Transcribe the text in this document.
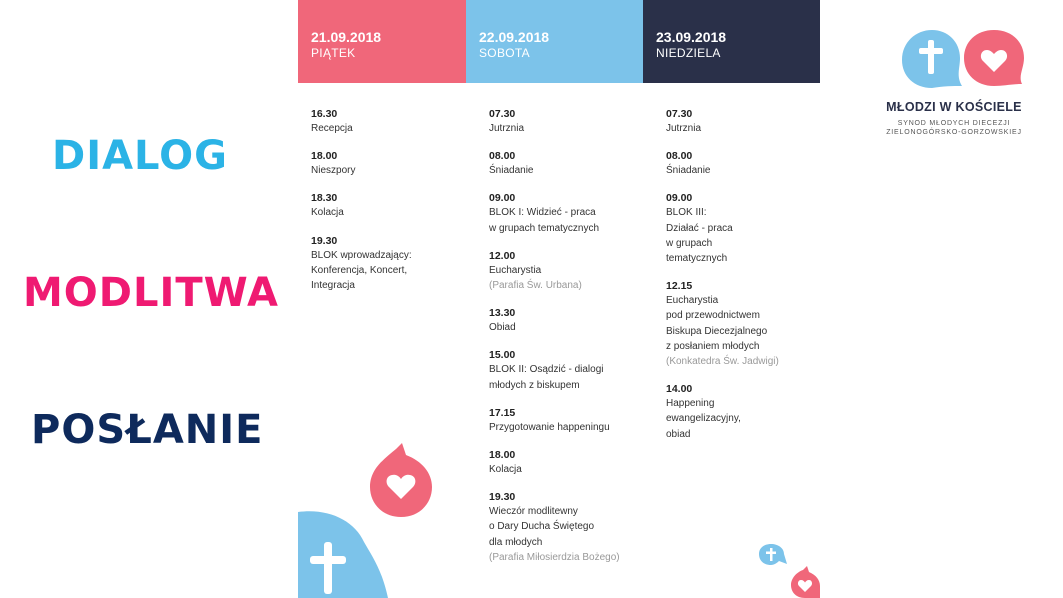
DIALOG
MODLITWA
POSŁANIE
21.09.2018
PIĄTEK
22.09.2018
SOBOTA
23.09.2018
NIEDZIELA
16.30
Recepcja
18.00
Nieszpory
18.30
Kolacja
19.30
BLOK wprowadzający:
Konferencja, Koncert,
Integracja
07.30
Jutrznia
08.00
Śniadanie
09.00
BLOK I: Widzieć - praca
w grupach tematycznych
12.00
Eucharystia
(Parafia Św. Urbana)
13.30
Obiad
15.00
BLOK II: Osądzić - dialogi
młodych z biskupem
17.15
Przygotowanie happeningu
18.00
Kolacja
19.30
Wieczór modlitewny
o Dary Ducha Świętego
dla młodych
(Parafia Miłosierdzia Bożego)
07.30
Jutrznia
08.00
Śniadanie
09.00
BLOK III:
Działać - praca
w grupach
tematycznych
12.15
Eucharystia
pod przewodnictwem
Biskupa Diecezjalnego
z posłaniem młodych
(Konkatedra Św. Jadwigi)
14.00
Happening
ewangelizacyjny,
obiad
MŁODZI W KOŚCIELE
SYNOD MŁODYCH DIECEZJI
ZIELONOGÓRSKO-GORZOWSKIEJ
